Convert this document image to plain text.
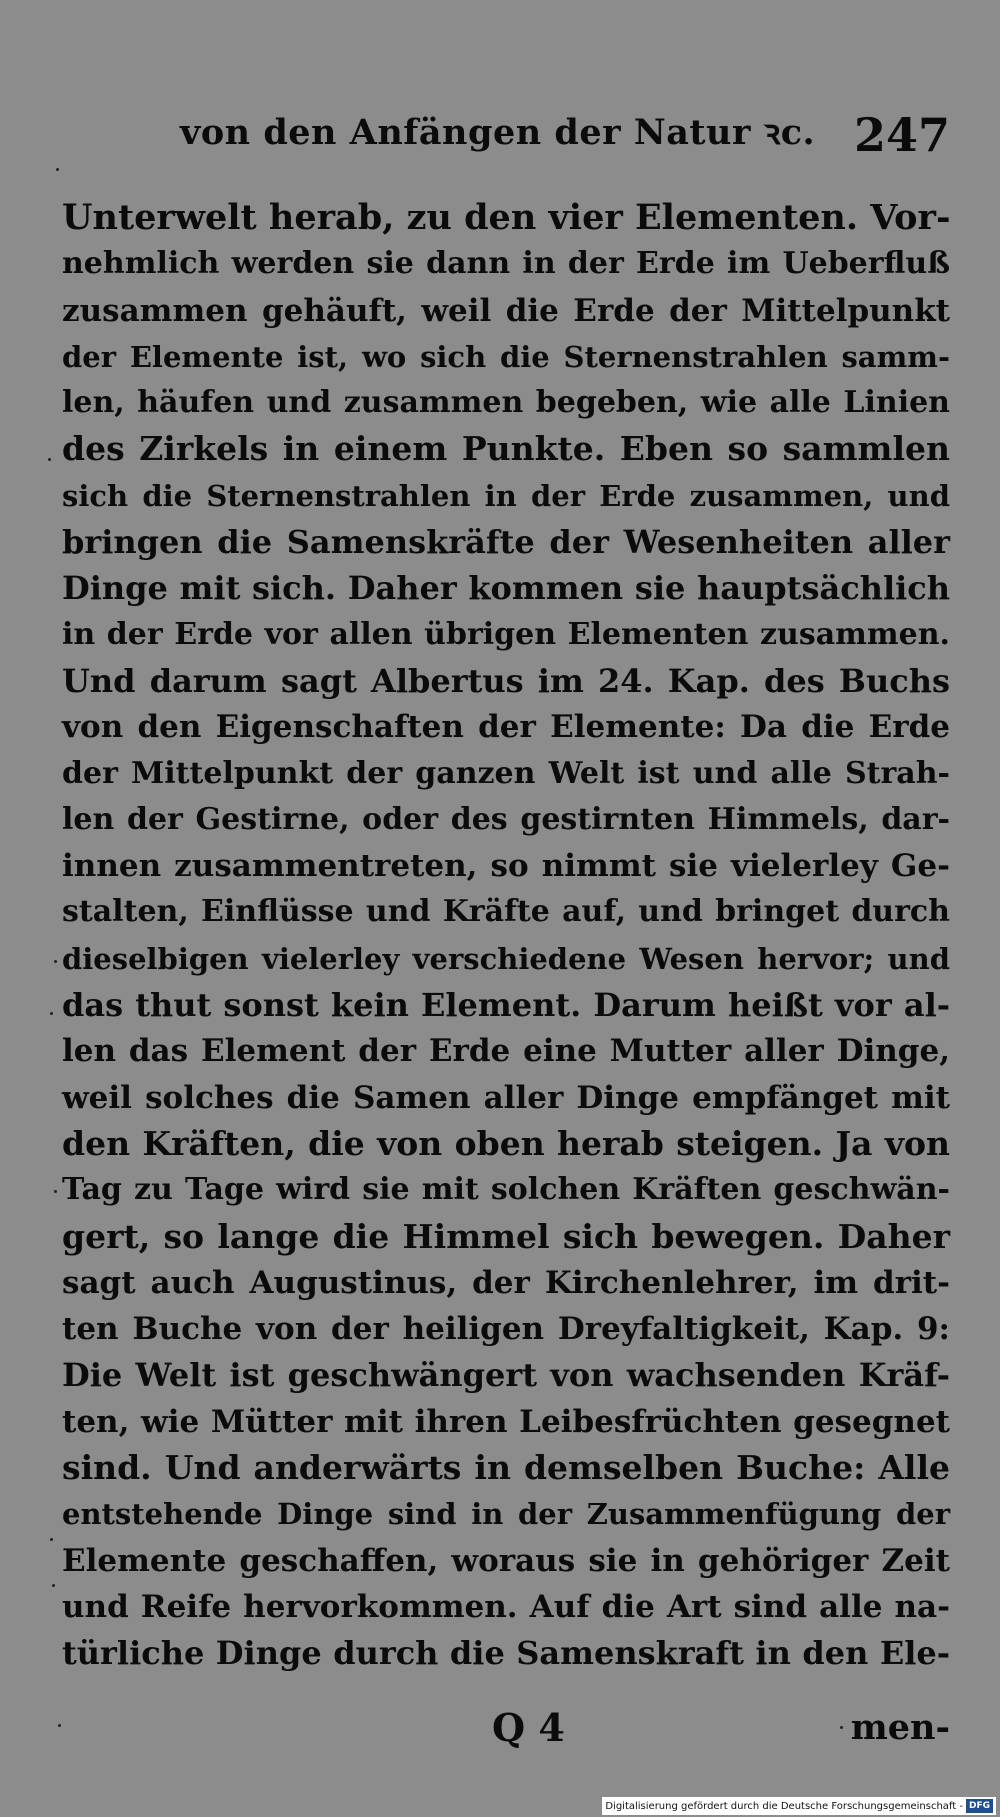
von den Anfängen der Natur ꝛc. 247
Unterwelt herab, zu den vier Elementen. Vor-
nehmlich werden sie dann in der Erde im Ueberfluß
zusammen gehäuft, weil die Erde der Mittelpunkt
der Elemente ist, wo sich die Sternenstrahlen samm-
len, häufen und zusammen begeben, wie alle Linien
des Zirkels in einem Punkte. Eben so sammlen
sich die Sternenstrahlen in der Erde zusammen, und
bringen die Samenskräfte der Wesenheiten aller
Dinge mit sich. Daher kommen sie hauptsächlich
in der Erde vor allen übrigen Elementen zusammen.
Und darum sagt Albertus im 24. Kap. des Buchs
von den Eigenschaften der Elemente: Da die Erde
der Mittelpunkt der ganzen Welt ist und alle Strah-
len der Gestirne, oder des gestirnten Himmels, dar-
innen zusammentreten, so nimmt sie vielerley Ge-
stalten, Einflüsse und Kräfte auf, und bringet durch
dieselbigen vielerley verschiedene Wesen hervor; und
das thut sonst kein Element. Darum heißt vor al-
len das Element der Erde eine Mutter aller Dinge,
weil solches die Samen aller Dinge empfänget mit
den Kräften, die von oben herab steigen. Ja von
Tag zu Tage wird sie mit solchen Kräften geschwän-
gert, so lange die Himmel sich bewegen. Daher
sagt auch Augustinus, der Kirchenlehrer, im drit-
ten Buche von der heiligen Dreyfaltigkeit, Kap. 9:
Die Welt ist geschwängert von wachsenden Kräf-
ten, wie Mütter mit ihren Leibesfrüchten gesegnet
sind. Und anderwärts in demselben Buche: Alle
entstehende Dinge sind in der Zusammenfügung der
Elemente geschaffen, woraus sie in gehöriger Zeit
und Reife hervorkommen. Auf die Art sind alle na-
türliche Dinge durch die Samenskraft in den Ele-
Q 4	men-
Digitalisierung gefördert durch die Deutsche Forschungsgemeinschaft - DFG
